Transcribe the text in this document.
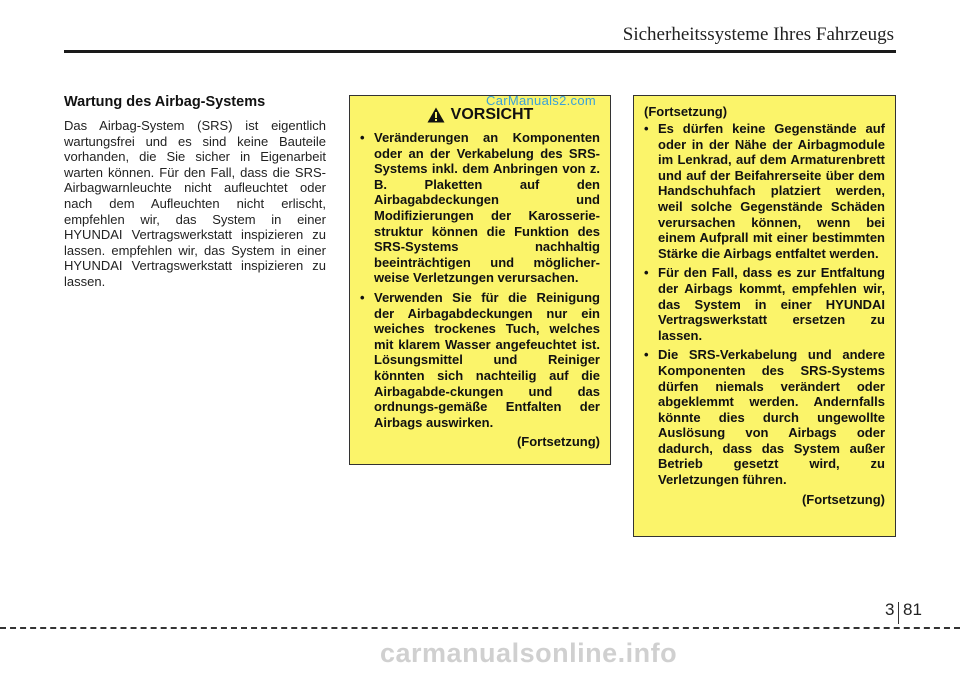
Sicherheitssysteme Ihres Fahrzeugs
Wartung des Airbag-Systems

Das Airbag-System (SRS) ist eigentlich wartungsfrei und es sind keine Bauteile vorhanden, die Sie sicher in Eigenarbeit warten können. Für den Fall, dass die SRS-Airbagwarnleuchte nicht aufleuchtet oder nach dem Aufleuchten nicht erlischt, empfehlen wir, das System in einer HYUNDAI Vertragswerkstatt inspizieren zu lassen. empfehlen wir, das System in einer HYUNDAI Vertragswerkstatt inspizieren zu lassen.

VORSICHT
• Veränderungen an Komponenten oder an der Verkabelung des SRS-Systems inkl. dem Anbringen von z. B. Plaketten auf den Airbagabdeckungen und Modifizierungen der Karosserie-struktur können die Funktion des SRS-Systems nachhaltig beeinträchtigen und möglicher-weise Verletzungen verursachen.
• Verwenden Sie für die Reinigung der Airbagabdeckungen nur ein weiches trockenes Tuch, welches mit klarem Wasser angefeuchtet ist. Lösungsmittel und Reiniger könnten sich nachteilig auf die Airbagabde-ckungen und das ordnungs-gemäße Entfalten der Airbags auswirken.
(Fortsetzung)
(Fortsetzung)
• Es dürfen keine Gegenstände auf oder in der Nähe der Airbagmodule im Lenkrad, auf dem Armaturenbrett und auf der Beifahrerseite über dem Handschuhfach platziert werden, weil solche Gegenstände Schäden verursachen können, wenn bei einem Aufprall mit einer bestimmten Stärke die Airbags entfaltet werden.
• Für den Fall, dass es zur Entfaltung der Airbags kommt, empfehlen wir, das System in einer HYUNDAI Vertragswerkstatt ersetzen zu lassen.
• Die SRS-Verkabelung und andere Komponenten des SRS-Systems dürfen niemals verändert oder abgeklemmt werden. Andernfalls könnte dies durch ungewollte Auslösung von Airbags oder dadurch, dass das System außer Betrieb gesetzt wird, zu Verletzungen führen.
(Fortsetzung)
CarManuals2.com
3 81
carmanualsonline.info
